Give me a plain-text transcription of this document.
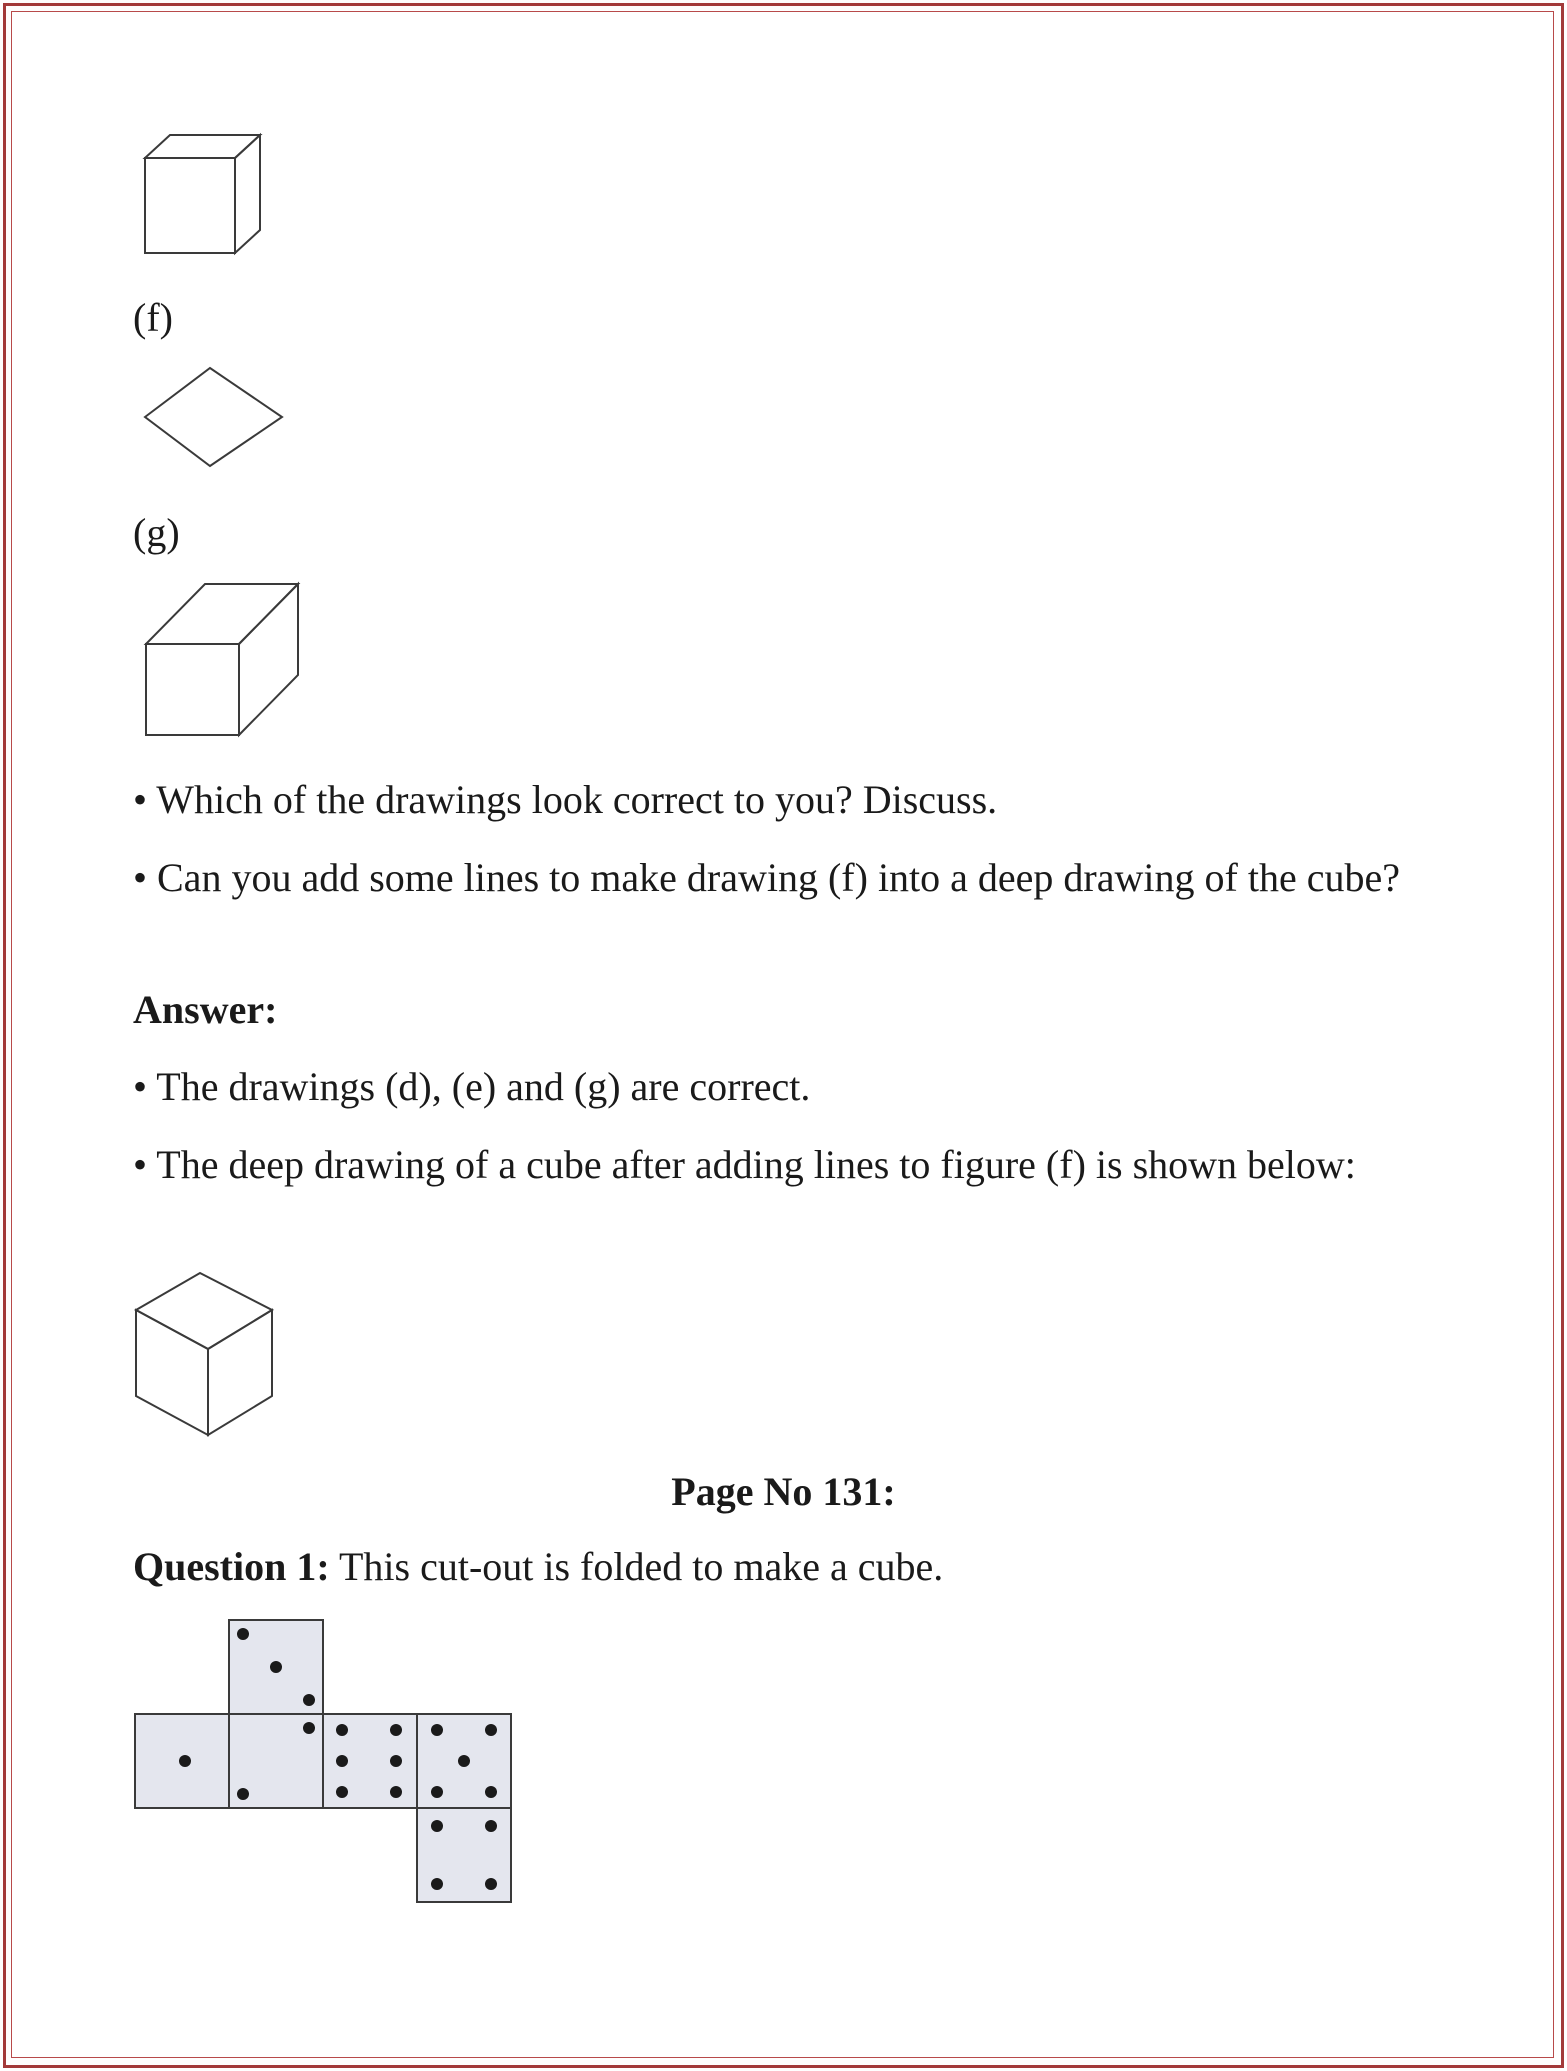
(f)
(g)
• Which of the drawings look correct to you? Discuss.
• Can you add some lines to make drawing (f) into a deep drawing of the cube?
Answer:
• The drawings (d), (e) and (g) are correct.
• The deep drawing of a cube after adding lines to figure (f) is shown below:
Page No 131:
Question 1: This cut-out is folded to make a cube.
